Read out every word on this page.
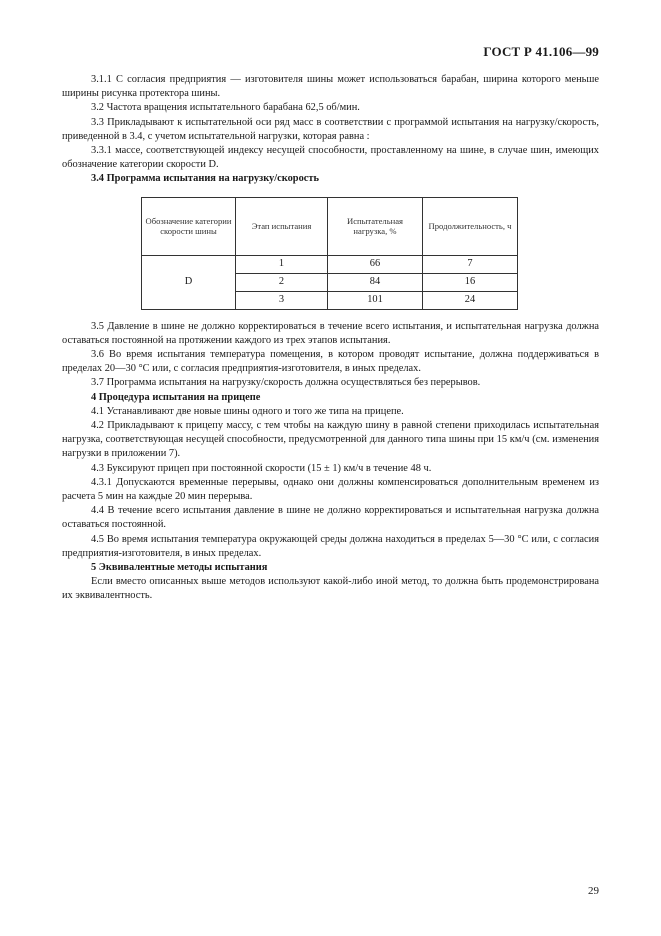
ГОСТ Р 41.106—99

3.1.1 С согласия предприятия — изготовителя шины может использоваться барабан, ширина которого меньше ширины рисунка протектора шины.

3.2 Частота вращения испытательного барабана 62,5 об/мин.

3.3 Прикладывают к испытательной оси ряд масс в соответствии с программой испытания на нагрузку/скорость, приведенной в 3.4, с учетом испытательной нагрузки, которая равна :

3.3.1 массе, соответствующей индексу несущей способности, проставленному на шине, в случае шин, имеющих обозначение категории скорости D.

3.4 Программа испытания на нагрузку/скорость

Обозначение категории скорости шины	Этап испытания	Испытательная нагрузка, %	Продолжительность, ч
D	1	66	7
	2	84	16
	3	101	24

3.5 Давление в шине не должно корректироваться в течение всего испытания, и испытательная нагрузка должна оставаться постоянной на протяжении каждого из трех этапов испытания.

3.6 Во время испытания температура помещения, в котором проводят испытание, должна поддерживаться в пределах 20—30 °С или, с согласия предприятия-изготовителя, в иных пределах.

3.7 Программа испытания на нагрузку/скорость должна осуществляться без перерывов.

4 Процедура испытания на прицепе

4.1 Устанавливают две новые шины одного и того же типа на прицепе.

4.2 Прикладывают к прицепу массу, с тем чтобы на каждую шину в равной степени приходилась испытательная нагрузка, соответствующая несущей способности, предусмотренной для данного типа шины при 15 км/ч (см. изменения нагрузки в приложении 7).

4.3 Буксируют прицеп при постоянной скорости (15 ± 1) км/ч в течение 48 ч.

4.3.1 Допускаются временные перерывы, однако они должны компенсироваться дополнительным временем из расчета 5 мин на каждые 20 мин перерыва.

4.4 В течение всего испытания давление в шине не должно корректироваться и испытательная нагрузка должна оставаться постоянной.

4.5 Во время испытания температура окружающей среды должна находиться в пределах 5—30 °С или, с согласия предприятия-изготовителя, в иных пределах.

5 Эквивалентные методы испытания

Если вместо описанных выше методов используют какой-либо иной метод, то должна быть продемонстрирована их эквивалентность.

29
